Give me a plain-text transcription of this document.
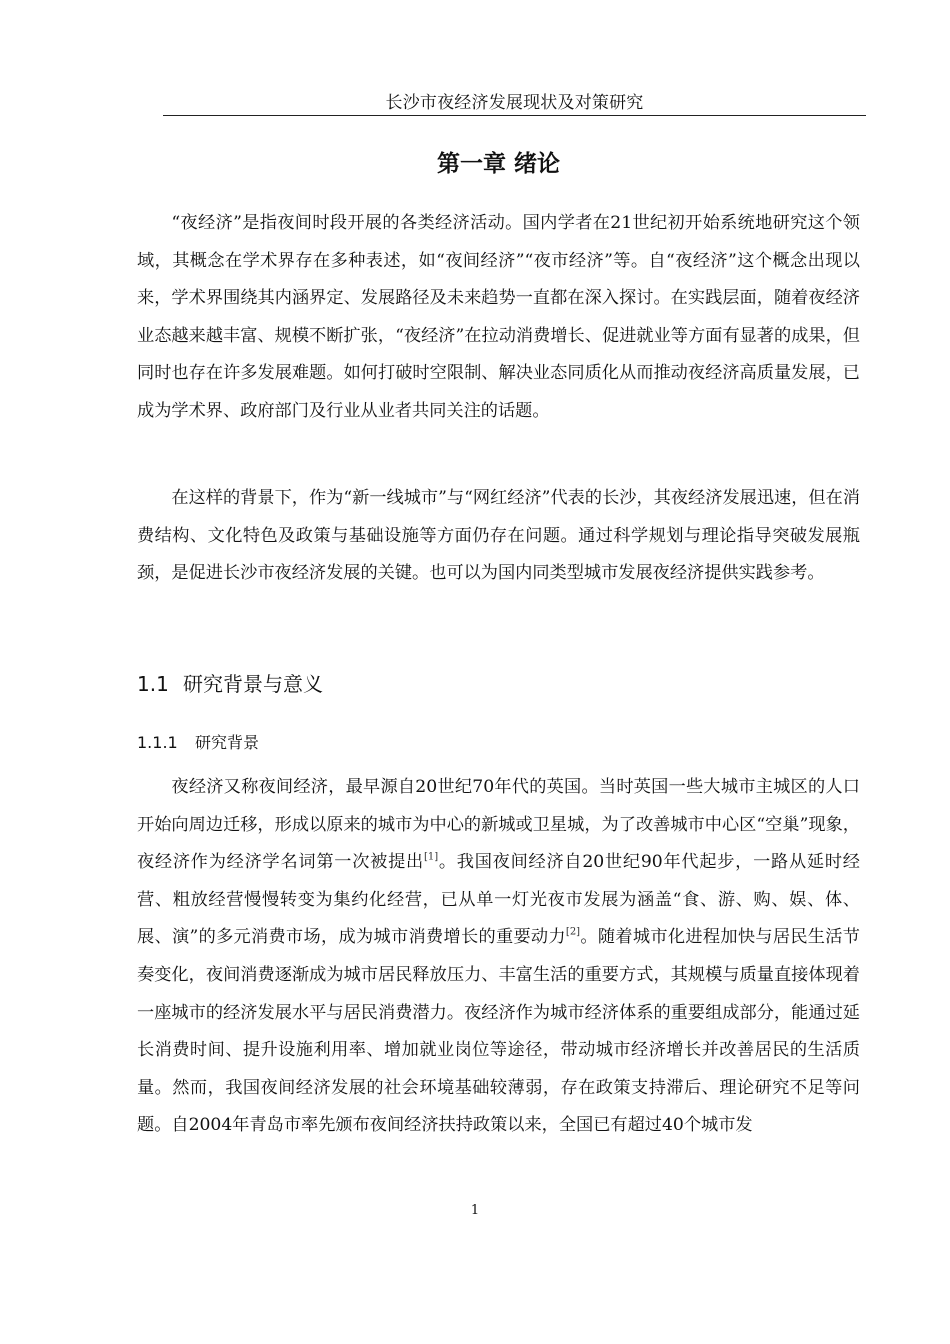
长沙市夜经济发展现状及对策研究
第一章 绪论

“夜经济”是指夜间时段开展的各类经济活动。国内学者在21世纪初开始系统地研究这个领域，其概念在学术界存在多种表述，如“夜间经济”“夜市经济”等。自“夜经济”这个概念出现以来，学术界围绕其内涵界定、发展路径及未来趋势一直都在深入探讨。在实践层面，随着夜经济业态越来越丰富、规模不断扩张，“夜经济”在拉动消费增长、促进就业等方面有显著的成果，但同时也存在许多发展难题。如何打破时空限制、解决业态同质化从而推动夜经济高质量发展，已成为学术界、政府部门及行业从业者共同关注的话题。

在这样的背景下，作为“新一线城市”与“网红经济”代表的长沙，其夜经济发展迅速，但在消费结构、文化特色及政策与基础设施等方面仍存在问题。通过科学规划与理论指导突破发展瓶颈，是促进长沙市夜经济发展的关键。也可以为国内同类型城市发展夜经济提供实践参考。

1.1 研究背景与意义
1.1.1 研究背景

夜经济又称夜间经济，最早源自20世纪70年代的英国。当时英国一些大城市主城区的人口开始向周边迁移，形成以原来的城市为中心的新城或卫星城，为了改善城市中心区“空巢”现象，夜经济作为经济学名词第一次被提出[1]。我国夜间经济自20世纪90年代起步，一路从延时经营、粗放经营慢慢转变为集约化经营，已从单一灯光夜市发展为涵盖“食、游、购、娱、体、展、演”的多元消费市场，成为城市消费增长的重要动力[2]。随着城市化进程加快与居民生活节奏变化，夜间消费逐渐成为城市居民释放压力、丰富生活的重要方式，其规模与质量直接体现着一座城市的经济发展水平与居民消费潜力。夜经济作为城市经济体系的重要组成部分，能通过延长消费时间、提升设施利用率、增加就业岗位等途径，带动城市经济增长并改善居民的生活质量。然而，我国夜间经济发展的社会环境基础较薄弱，存在政策支持滞后、理论研究不足等问题。自2004年青岛市率先颁布夜间经济扶持政策以来，全国已有超过40个城市发

1
